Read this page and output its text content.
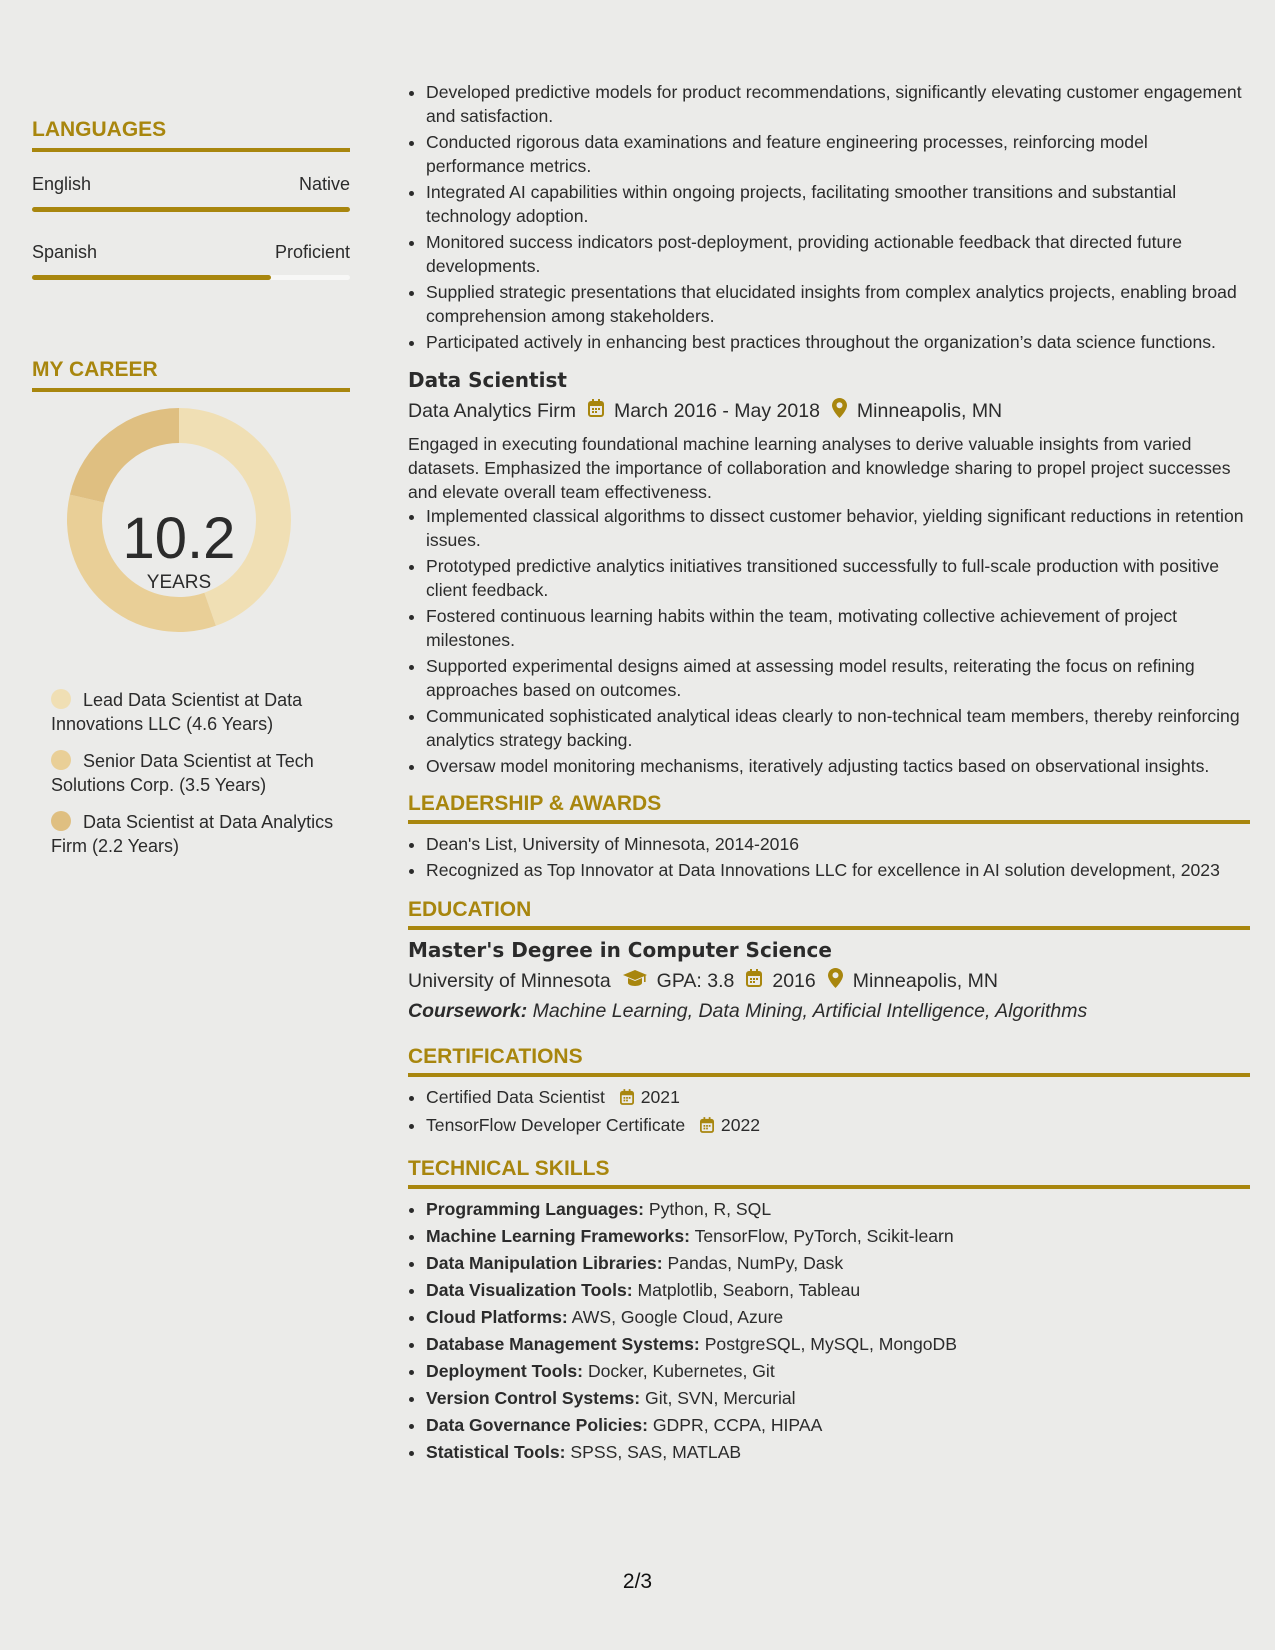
LANGUAGES
English	Native
Spanish	Proficient
MY CAREER
10.2
YEARS
Lead Data Scientist at Data Innovations LLC (4.6 Years)
Senior Data Scientist at Tech Solutions Corp. (3.5 Years)
Data Scientist at Data Analytics Firm (2.2 Years)
• Developed predictive models for product recommendations, significantly elevating customer engagement and satisfaction.
• Conducted rigorous data examinations and feature engineering processes, reinforcing model performance metrics.
• Integrated AI capabilities within ongoing projects, facilitating smoother transitions and substantial technology adoption.
• Monitored success indicators post-deployment, providing actionable feedback that directed future developments.
• Supplied strategic presentations that elucidated insights from complex analytics projects, enabling broad comprehension among stakeholders.
• Participated actively in enhancing best practices throughout the organization’s data science functions.
Data Scientist
Data Analytics Firm March 2016 - May 2018 Minneapolis, MN
Engaged in executing foundational machine learning analyses to derive valuable insights from varied datasets. Emphasized the importance of collaboration and knowledge sharing to propel project successes and elevate overall team effectiveness.
• Implemented classical algorithms to dissect customer behavior, yielding significant reductions in retention issues.
• Prototyped predictive analytics initiatives transitioned successfully to full-scale production with positive client feedback.
• Fostered continuous learning habits within the team, motivating collective achievement of project milestones.
• Supported experimental designs aimed at assessing model results, reiterating the focus on refining approaches based on outcomes.
• Communicated sophisticated analytical ideas clearly to non-technical team members, thereby reinforcing analytics strategy backing.
• Oversaw model monitoring mechanisms, iteratively adjusting tactics based on observational insights.
LEADERSHIP & AWARDS
• Dean's List, University of Minnesota, 2014-2016
• Recognized as Top Innovator at Data Innovations LLC for excellence in AI solution development, 2023
EDUCATION
Master's Degree in Computer Science
University of Minnesota GPA: 3.8 2016 Minneapolis, MN
Coursework: Machine Learning, Data Mining, Artificial Intelligence, Algorithms
CERTIFICATIONS
• Certified Data Scientist 2021
• TensorFlow Developer Certificate 2022
TECHNICAL SKILLS
• Programming Languages: Python, R, SQL
• Machine Learning Frameworks: TensorFlow, PyTorch, Scikit-learn
• Data Manipulation Libraries: Pandas, NumPy, Dask
• Data Visualization Tools: Matplotlib, Seaborn, Tableau
• Cloud Platforms: AWS, Google Cloud, Azure
• Database Management Systems: PostgreSQL, MySQL, MongoDB
• Deployment Tools: Docker, Kubernetes, Git
• Version Control Systems: Git, SVN, Mercurial
• Data Governance Policies: GDPR, CCPA, HIPAA
• Statistical Tools: SPSS, SAS, MATLAB
2/3
